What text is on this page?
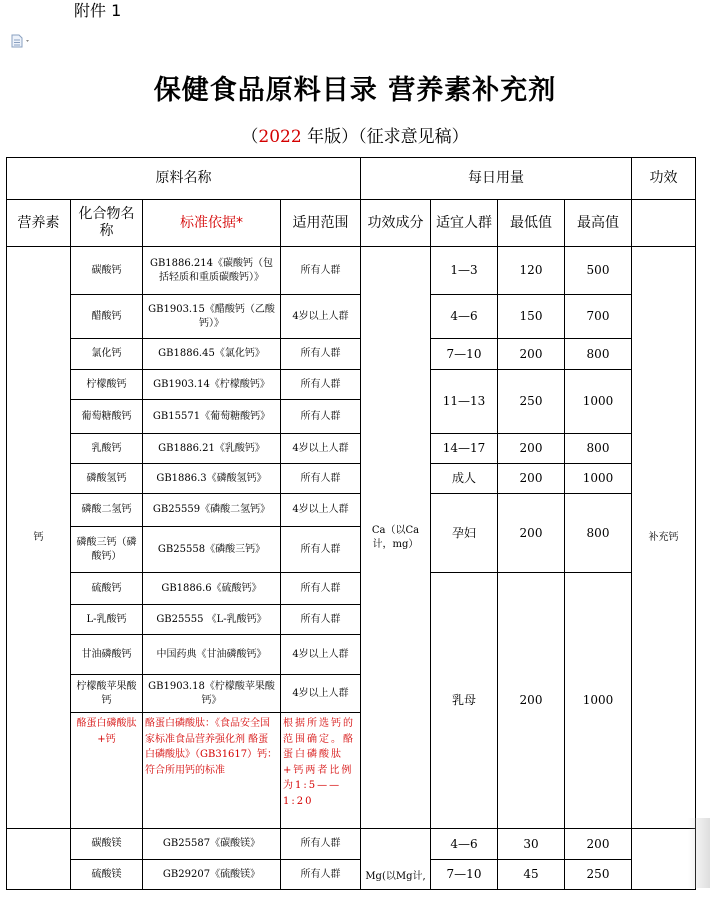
附件 1
保健食品原料目录 营养素补充剂
（2022 年版）（征求意见稿）
原料名称				每日用量				功效
营养素	化合物名称	标准依据*	适用范围	功效成分	适宜人群	最低值	最高值	
钙	碳酸钙	GB1886.214《碳酸钙（包括轻质和重质碳酸钙）》	所有人群	Ca（以Ca计，mg）	1—3	120	500	补充钙
	醋酸钙	GB1903.15《醋酸钙（乙酸钙）》	4岁以上人群		4—6	150	700	
	氯化钙	GB1886.45《氯化钙》	所有人群		7—10	200	800	
	柠檬酸钙	GB1903.14《柠檬酸钙》	所有人群		11—13	250	1000	
	葡萄糖酸钙	GB15571《葡萄糖酸钙》	所有人群					
	乳酸钙	GB1886.21《乳酸钙》	4岁以上人群		14—17	200	800	
	磷酸氢钙	GB1886.3《磷酸氢钙》	所有人群		成人	200	1000	
	磷酸二氢钙	GB25559《磷酸二氢钙》	4岁以上人群		孕妇	200	800	
	磷酸三钙（磷酸钙）	GB25558《磷酸三钙》	所有人群					
	硫酸钙	GB1886.6《硫酸钙》	所有人群		乳母	200	1000	
	L-乳酸钙	GB25555 《L-乳酸钙》	所有人群					
	甘油磷酸钙	中国药典《甘油磷酸钙》	4岁以上人群					
	柠檬酸苹果酸钙	GB1903.18《柠檬酸苹果酸钙》	4岁以上人群					
	酪蛋白磷酸肽+钙	酪蛋白磷酸肽：《食品安全国家标准食品营养强化剂 酪蛋白磷酸肽》（GB31617）钙：符合所用钙的标准	根据所选钙的范围确定。酪蛋白磷酸肽+钙两者比例为1:5——1:20					
	碳酸镁	GB25587《碳酸镁》	所有人群	Mg(以Mg计,	4—6	30	200	
	硫酸镁	GB29207《硫酸镁》	所有人群		7—10	45	250	
